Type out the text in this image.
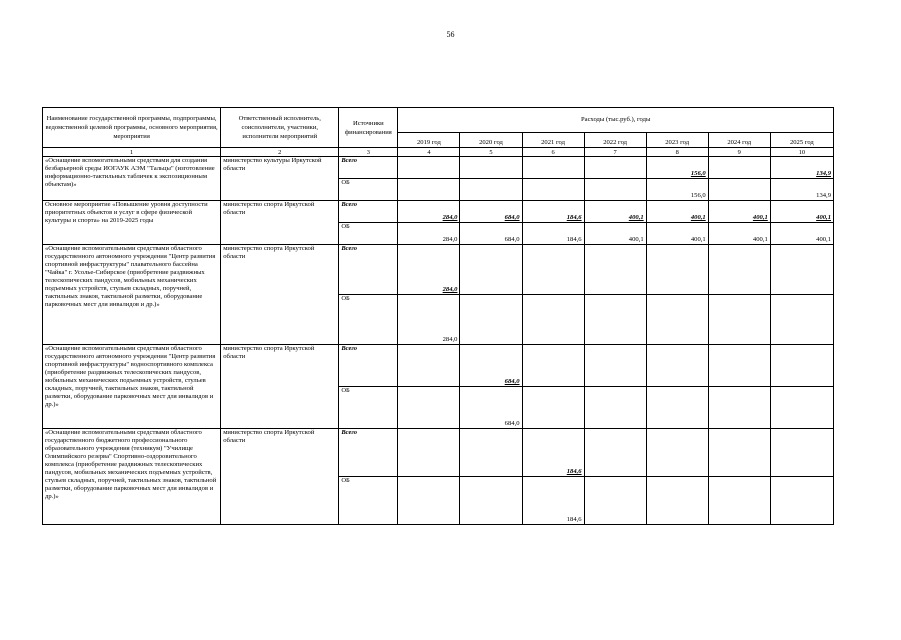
56
Наименование государственной программы, подпрограммы, ведомственной целевой программы, основного мероприятия, мероприятия	Ответственный исполнитель, соисполнители, участники, исполнители мероприятий	Источники финансирования	Расходы (тыс.руб.), годы						
			2019 год	2020 год	2021 год	2022 год	2023 год	2024 год	2025 год
1	2	3	4	5	6	7	8	9	10
«Оснащение вспомогательными средствами для создания безбарьерной среды ИОГАУК АЭМ "Тальцы" (изготовление информационно-тактильных табличек к экспозиционным объектам)»	министерство культуры Иркутской области	Всего					156,0		134,9
		ОБ					156,0		134,9
Основное мероприятие «Повышение уровня доступности приоритетных объектов и услуг в сфере физической культуры и спорта» на 2019-2025 годы	министерство спорта Иркутской области	Всего	284,0	684,0	184,6	400,1	400,1	400,1	400,1
		ОБ	284,0	684,0	184,6	400,1	400,1	400,1	400,1
«Оснащение вспомогательными средствами областного государственного автономного учреждения "Центр развития спортивной инфраструктуры" плавательного бассейна "Чайка" г. Усолье-Сибирское (приобретение раздвижных телескопических пандусов, мобильных механических подъемных устройств, стульев складных, поручней, тактильных знаков, тактильной разметки, оборудование парковочных мест для инвалидов и др.)»	министерство спорта Иркутской области	Всего	284,0						
		ОБ	284,0						
«Оснащение вспомогательными средствами областного государственного автономного учреждения "Центр развития спортивной инфраструктуры" водноспортивного комплекса (приобретение раздвижных телескопических пандусов, мобильных механических подъемных устройств, стульев складных, поручней, тактильных знаков, тактильной разметки, оборудование парковочных мест для инвалидов и др.)»	министерство спорта Иркутской области	Всего		684,0					
		ОБ		684,0					
«Оснащение вспомогательными средствами областного государственного бюджетного профессионального образовательного учреждения (техникум) "Училище Олимпийского резерва" Спортивно-оздоровительного комплекса (приобретение раздвижных телескопических пандусов, мобильных механических подъемных устройств, стульев складных, поручней, тактильных знаков, тактильной разметки, оборудование парковочных мест для инвалидов и др.)»	министерство спорта Иркутской области	Всего			184,6				
		ОБ			184,6				
